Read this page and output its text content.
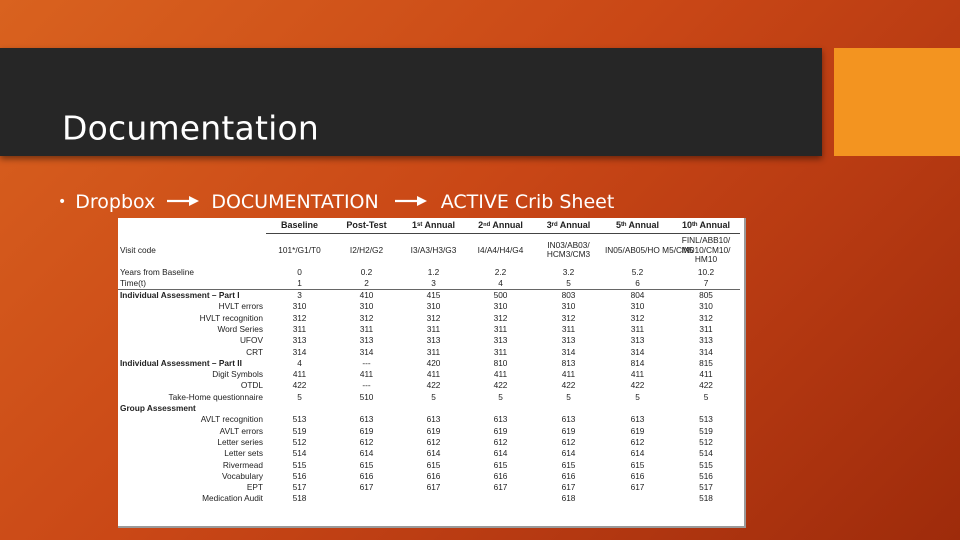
Documentation
• Dropbox	DOCUMENTATION	ACTIVE Crib Sheet
	Baseline	Post-Test	1ˢᵗ Annual	2ⁿᵈ Annual	3ʳᵈ Annual	5ᵗʰ Annual	10ᵗʰ Annual
Visit code	101*/G1/T0	I2/H2/G2	I3/A3/H3/G3	I4/A4/H4/G4	IN03/AB03/ HCM3/CM3	IN05/AB05/HO M5/CM5	FINL/ABB10/ IN010/CM10/ HM10
Years from Baseline	0	0.2	1.2	2.2	3.2	5.2	10.2
Time(t)	1	2	3	4	5	6	7
Individual Assessment – Part I	3	410	415	500	803	804	805
HVLT errors	310	310	310	310	310	310	310
HVLT recognition	312	312	312	312	312	312	312
Word Series	311	311	311	311	311	311	311
UFOV	313	313	313	313	313	313	313
CRT	314	314	311	311	314	314	314
Individual Assessment – Part II	4	---	420	810	813	814	815
Digit Symbols	411	411	411	411	411	411	411
OTDL	422	---	422	422	422	422	422
Take-Home questionnaire	5	510	5	5	5	5	5
Group Assessment							
AVLT recognition	513	613	613	613	613	613	513
AVLT errors	519	619	619	619	619	619	519
Letter series	512	612	612	612	612	612	512
Letter sets	514	614	614	614	614	614	514
Rivermead	515	615	615	615	615	615	515
Vocabulary	516	616	616	616	616	616	516
EPT	517	617	617	617	617	617	517
Medication Audit	518				618		518
